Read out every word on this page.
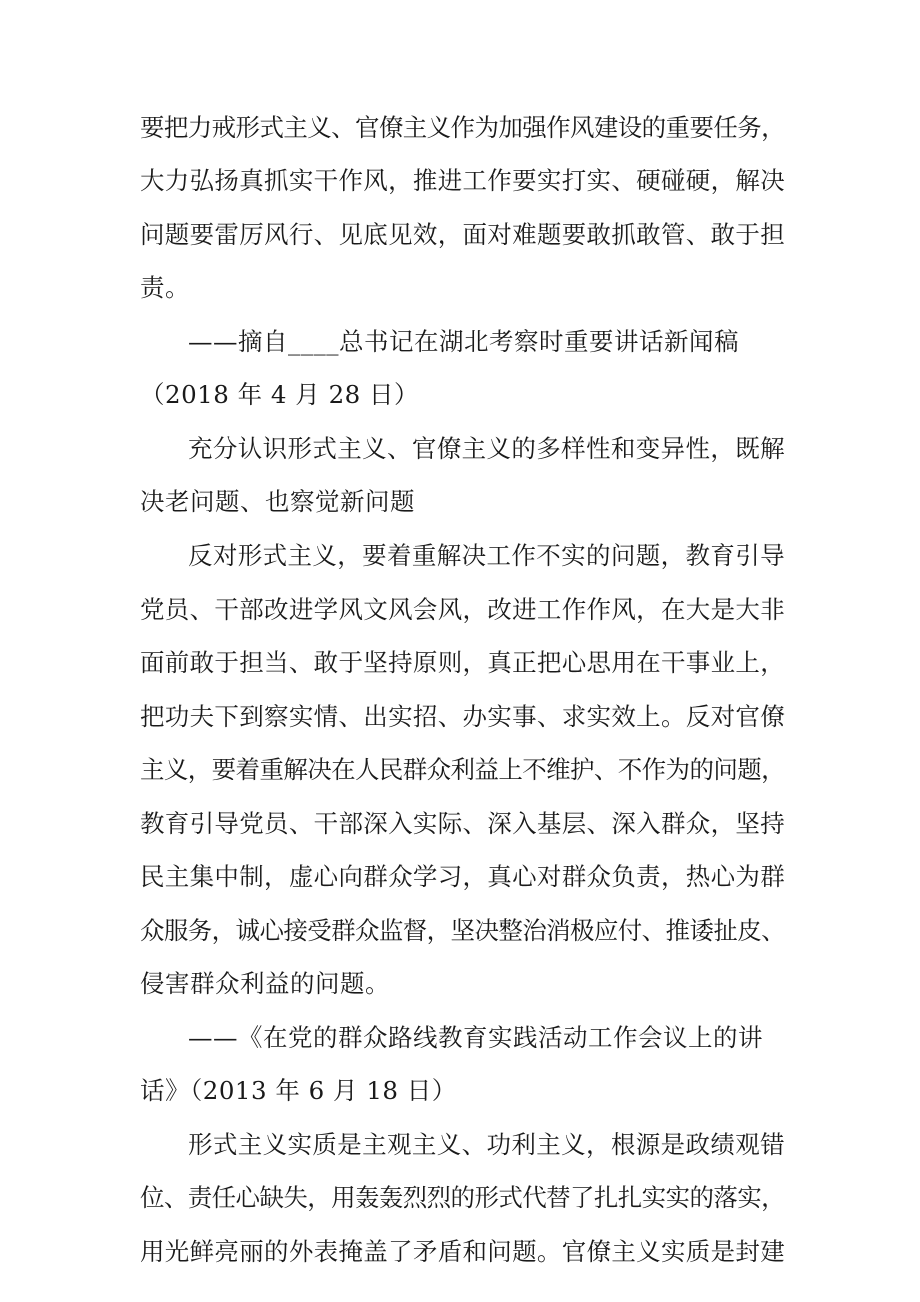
要把力戒形式主义、官僚主义作为加强作风建设的重要任务，
大力弘扬真抓实干作风，推进工作要实打实、硬碰硬，解决
问题要雷厉风行、见底见效，面对难题要敢抓敢管、敢于担
责。
——摘自____总书记在湖北考察时重要讲话新闻稿
（2018 年 4 月 28 日）
充分认识形式主义、官僚主义的多样性和变异性，既解
决老问题、也察觉新问题
反对形式主义，要着重解决工作不实的问题，教育引导
党员、干部改进学风文风会风，改进工作作风，在大是大非
面前敢于担当、敢于坚持原则，真正把心思用在干事业上，
把功夫下到察实情、出实招、办实事、求实效上。反对官僚
主义，要着重解决在人民群众利益上不维护、不作为的问题，
教育引导党员、干部深入实际、深入基层、深入群众，坚持
民主集中制，虚心向群众学习，真心对群众负责，热心为群
众服务，诚心接受群众监督，坚决整治消极应付、推诿扯皮、
侵害群众利益的问题。
——《在党的群众路线教育实践活动工作会议上的讲
话》（2013 年 6 月 18 日）
形式主义实质是主观主义、功利主义，根源是政绩观错
位、责任心缺失，用轰轰烈烈的形式代替了扎扎实实的落实，
用光鲜亮丽的外表掩盖了矛盾和问题。官僚主义实质是封建
